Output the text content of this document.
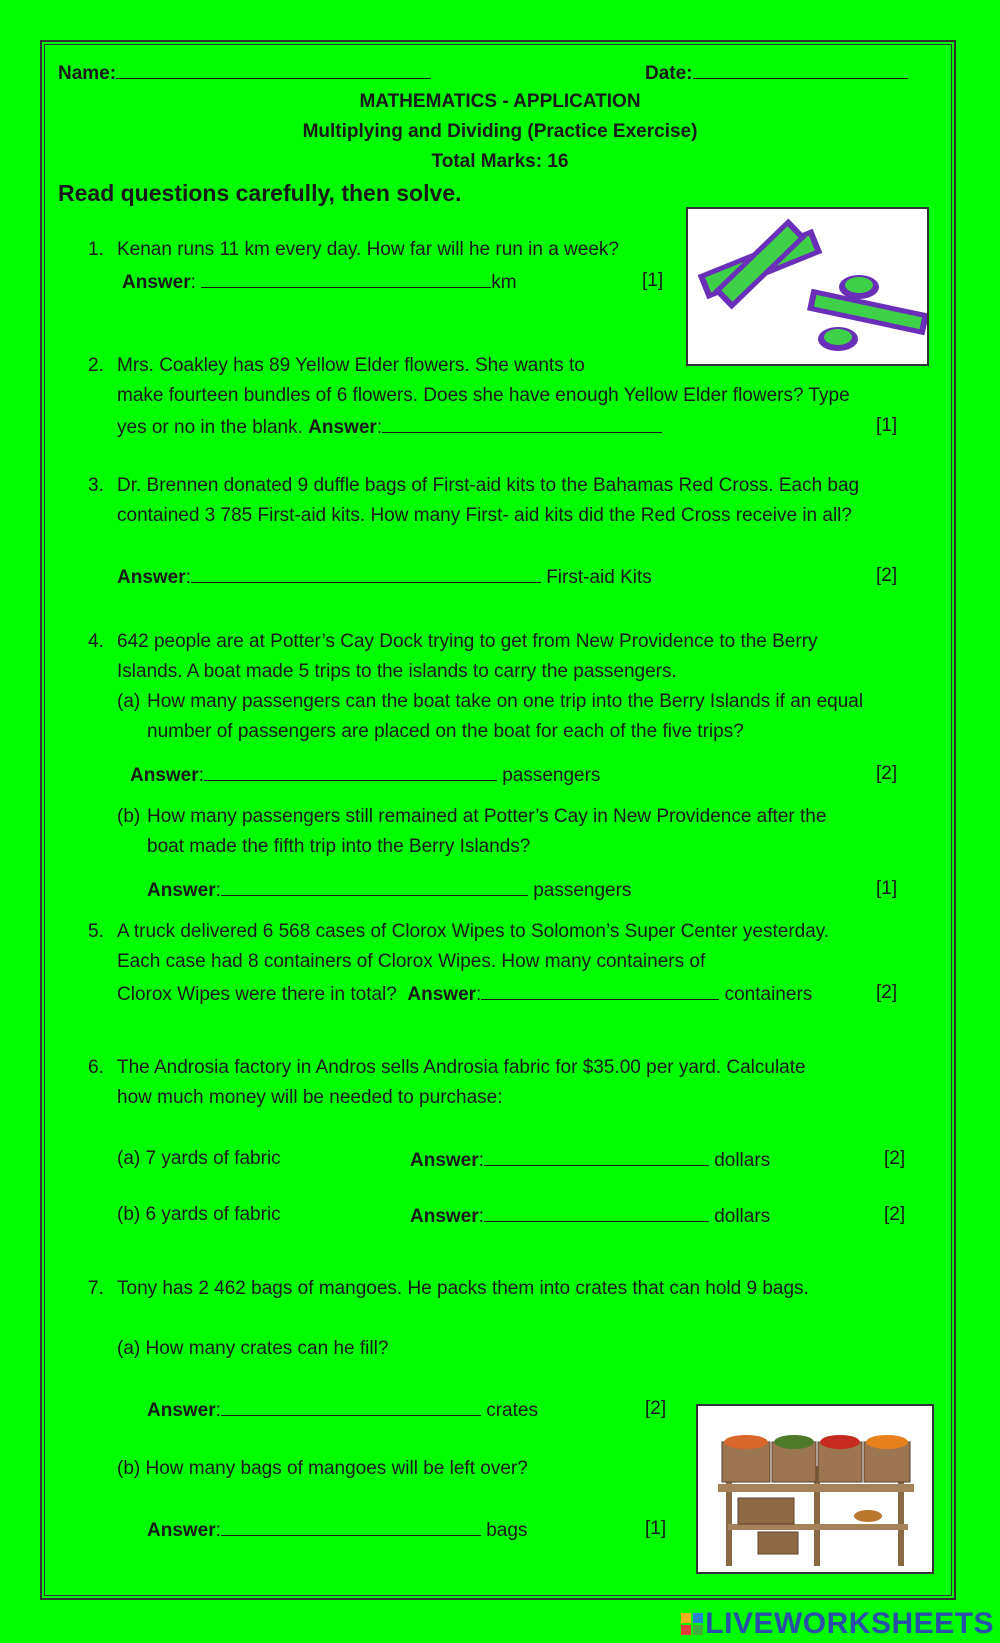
Name:	Date:
MATHEMATICS - APPLICATION
Multiplying and Dividing (Practice Exercise)
Total Marks: 16
Read questions carefully, then solve.
1. Kenan runs 11 km every day. How far will he run in a week?
Answer:	km	[1]
2. Mrs. Coakley has 89 Yellow Elder flowers. She wants to
make fourteen bundles of 6 flowers. Does she have enough Yellow Elder flowers? Type
yes or no in the blank. Answer:	[1]
3. Dr. Brennen donated 9 duffle bags of First-aid kits to the Bahamas Red Cross. Each bag
contained 3 785 First-aid kits. How many First- aid kits did the Red Cross receive in all?
Answer:	First-aid Kits	[2]
4. 642 people are at Potter’s Cay Dock trying to get from New Providence to the Berry
Islands. A boat made 5 trips to the islands to carry the passengers.
(a) How many passengers can the boat take on one trip into the Berry Islands if an equal
number of passengers are placed on the boat for each of the five trips?
Answer:	passengers	[2]
(b) How many passengers still remained at Potter’s Cay in New Providence after the
boat made the fifth trip into the Berry Islands?
Answer:	passengers	[1]
5. A truck delivered 6 568 cases of Clorox Wipes to Solomon’s Super Center yesterday.
Each case had 8 containers of Clorox Wipes. How many containers of
Clorox Wipes were there in total? Answer:	containers	[2]
6. The Androsia factory in Andros sells Androsia fabric for $35.00 per yard. Calculate
how much money will be needed to purchase:
(a) 7 yards of fabric	Answer:	dollars	[2]
(b) 6 yards of fabric	Answer:	dollars	[2]
7. Tony has 2 462 bags of mangoes. He packs them into crates that can hold 9 bags.
(a) How many crates can he fill?
Answer:	crates	[2]
(b) How many bags of mangoes will be left over?
Answer:	bags	[1]
LIVEWORKSHEETS
